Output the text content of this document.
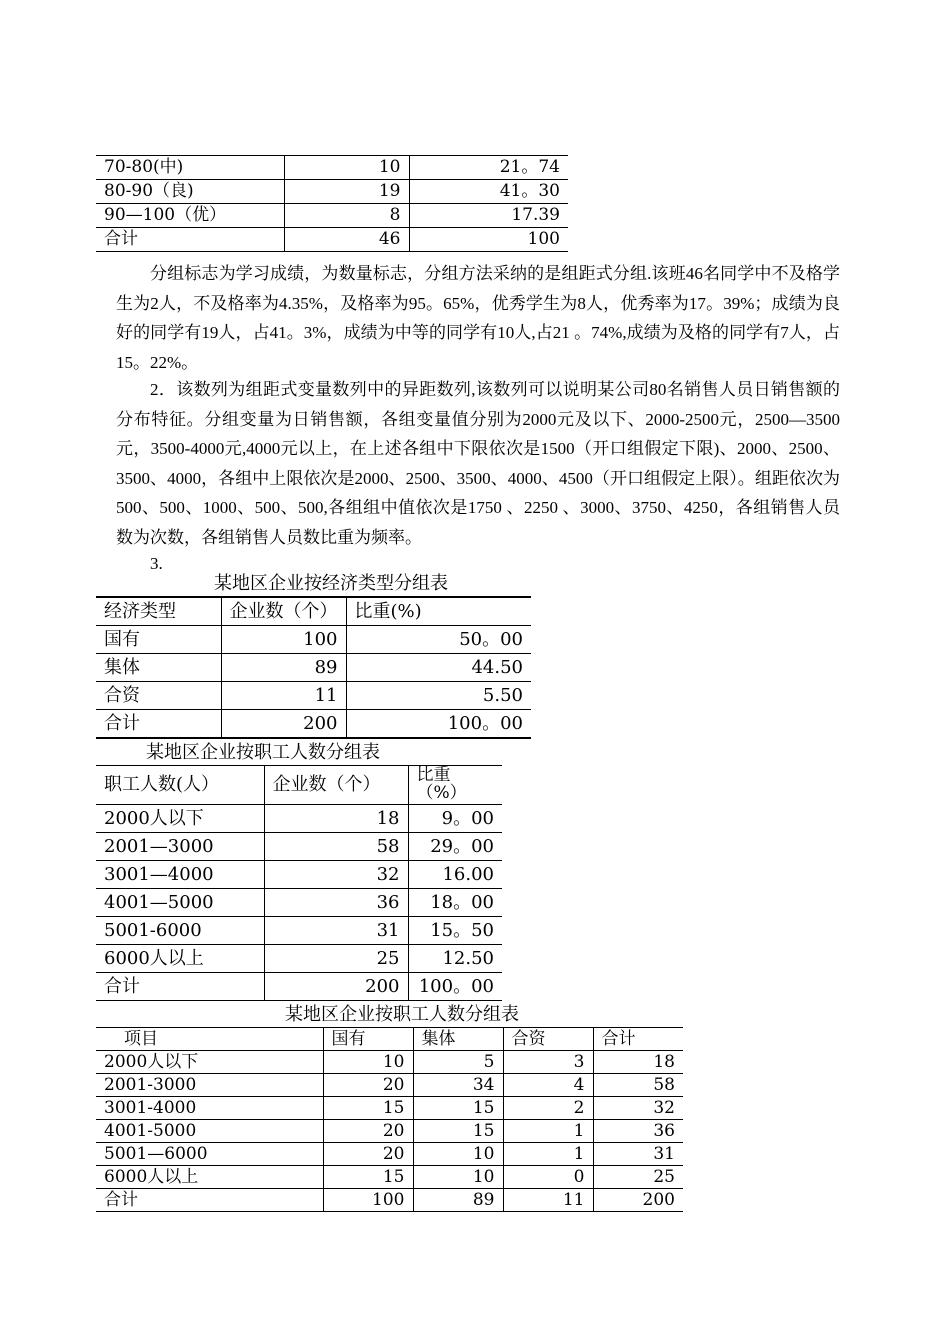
70-80(中)	10	21。74
80-90（良)	19	41。30
90—100（优）	8	17.39
合计	46	100
分组标志为学习成绩，为数量标志，分组方法采纳的是组距式分组.该班46名同学中不及格学生为2人，不及格率为4.35%，及格率为95。65%，优秀学生为8人，优秀率为17。39%；成绩为良好的同学有19人，占41。3%，成绩为中等的同学有10人,占21 。74%,成绩为及格的同学有7人，占15。22%。
2．该数列为组距式变量数列中的异距数列,该数列可以说明某公司80名销售人员日销售额的分布特征。分组变量为日销售额，各组变量值分别为2000元及以下、2000-2500元，2500—3500元，3500-4000元,4000元以上，在上述各组中下限依次是1500（开口组假定下限)、2000、2500、3500、4000，各组中上限依次是2000、2500、3500、4000、4500（开口组假定上限）。组距依次为500、500、1000、500、500,各组组中值依次是1750 、2250 、3000、3750、4250，各组销售人员数为次数，各组销售人员数比重为频率。
3.
某地区企业按经济类型分组表
经济类型	企业数（个）	比重(%)
国有	100	50。00
集体	89	44.50
合资	11	5.50
合计	200	100。00
某地区企业按职工人数分组表
职工人数(人）	企业数（个）	比重
（%）

2000人以下	18	9。00
2001—3000	58	29。00
3001—4000	32	16.00
4001—5000	36	18。00
5001-6000	31	15。50
6000人以上	25	12.50
合计	200	100。00
某地区企业按职工人数分组表
项目	国有	集体	合资	合计
2000人以下	10	5	3	18
2001-3000	20	34	4	58
3001-4000	15	15	2	32
4001-5000	20	15	1	36
5001—6000	20	10	1	31
6000人以上	15	10	0	25
合计	100	89	11	200
